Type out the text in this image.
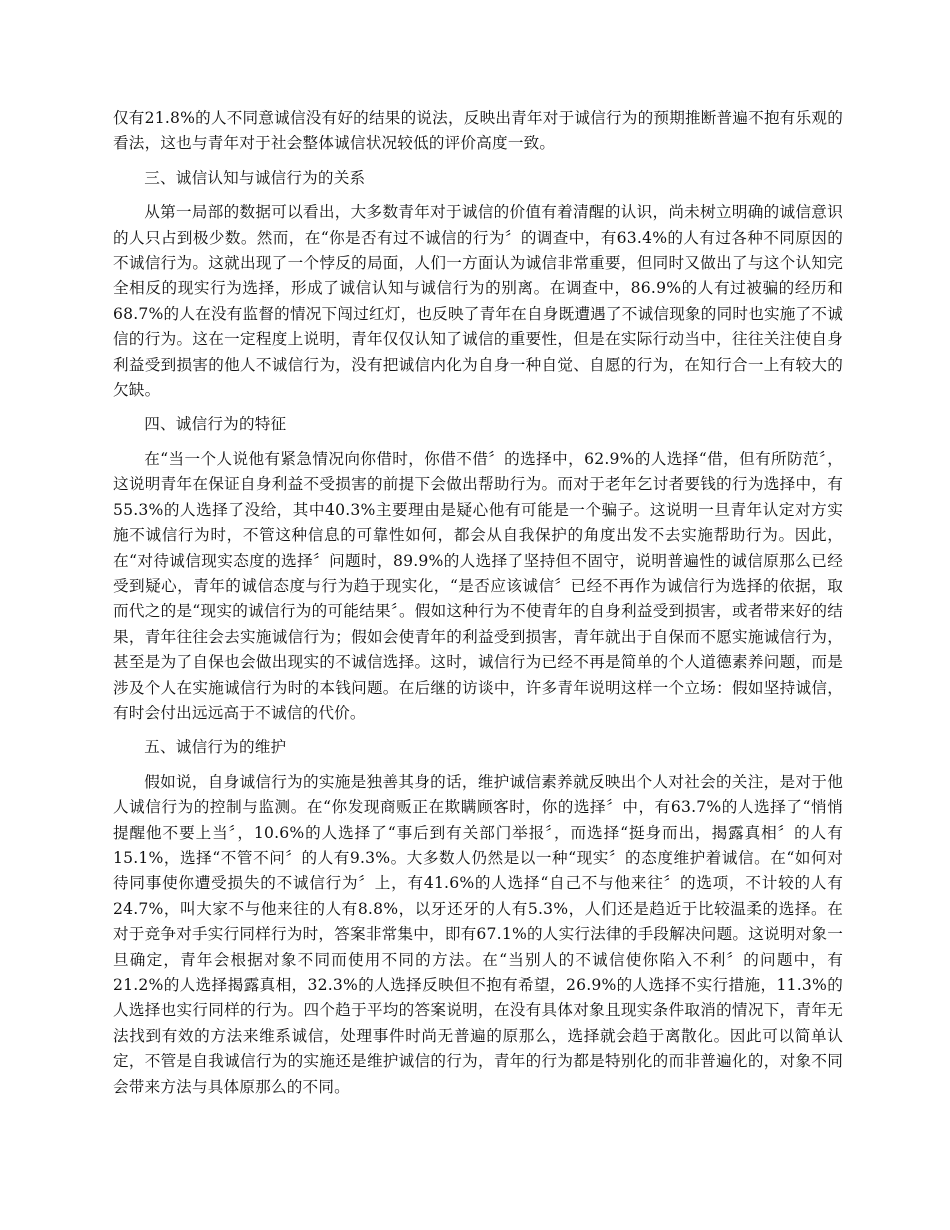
仅有21.8%的人不同意诚信没有好的结果的说法，反映出青年对于诚信行为的预期推断普遍不抱有乐观的看法，这也与青年对于社会整体诚信状况较低的评价高度一致。

三、诚信认知与诚信行为的关系

从第一局部的数据可以看出，大多数青年对于诚信的价值有着清醒的认识，尚未树立明确的诚信意识的人只占到极少数。然而，在“你是否有过不诚信的行为〞的调查中，有63.4%的人有过各种不同原因的不诚信行为。这就出现了一个悖反的局面，人们一方面认为诚信非常重要，但同时又做出了与这个认知完全相反的现实行为选择，形成了诚信认知与诚信行为的别离。在调查中，86.9%的人有过被骗的经历和68.7%的人在没有监督的情况下闯过红灯，也反映了青年在自身既遭遇了不诚信现象的同时也实施了不诚信的行为。这在一定程度上说明，青年仅仅认知了诚信的重要性，但是在实际行动当中，往往关注使自身利益受到损害的他人不诚信行为，没有把诚信内化为自身一种自觉、自愿的行为，在知行合一上有较大的欠缺。

四、诚信行为的特征

在“当一个人说他有紧急情况向你借时，你借不借〞的选择中，62.9%的人选择“借，但有所防范〞，这说明青年在保证自身利益不受损害的前提下会做出帮助行为。而对于老年乞讨者要钱的行为选择中，有55.3%的人选择了没给，其中40.3%主要理由是疑心他有可能是一个骗子。这说明一旦青年认定对方实施不诚信行为时，不管这种信息的可靠性如何，都会从自我保护的角度出发不去实施帮助行为。因此，在“对待诚信现实态度的选择〞问题时，89.9%的人选择了坚持但不固守，说明普遍性的诚信原那么已经受到疑心，青年的诚信态度与行为趋于现实化，“是否应该诚信〞已经不再作为诚信行为选择的依据，取而代之的是“现实的诚信行为的可能结果〞。假如这种行为不使青年的自身利益受到损害，或者带来好的结果，青年往往会去实施诚信行为；假如会使青年的利益受到损害，青年就出于自保而不愿实施诚信行为，甚至是为了自保也会做出现实的不诚信选择。这时，诚信行为已经不再是简单的个人道德素养问题，而是涉及个人在实施诚信行为时的本钱问题。在后继的访谈中，许多青年说明这样一个立场：假如坚持诚信，有时会付出远远高于不诚信的代价。

五、诚信行为的维护

假如说，自身诚信行为的实施是独善其身的话，维护诚信素养就反映出个人对社会的关注，是对于他人诚信行为的控制与监测。在“你发现商贩正在欺瞒顾客时，你的选择〞中，有63.7%的人选择了“悄悄提醒他不要上当〞，10.6%的人选择了“事后到有关部门举报〞，而选择“挺身而出，揭露真相〞的人有15.1%，选择“不管不问〞的人有9.3%。大多数人仍然是以一种“现实〞的态度维护着诚信。在“如何对待同事使你遭受损失的不诚信行为〞上，有41.6%的人选择“自己不与他来往〞的选项，不计较的人有24.7%，叫大家不与他来往的人有8.8%，以牙还牙的人有5.3%，人们还是趋近于比较温柔的选择。在对于竞争对手实行同样行为时，答案非常集中，即有67.1%的人实行法律的手段解决问题。这说明对象一旦确定，青年会根据对象不同而使用不同的方法。在“当别人的不诚信使你陷入不利〞的问题中，有21.2%的人选择揭露真相，32.3%的人选择反映但不抱有希望，26.9%的人选择不实行措施，11.3%的人选择也实行同样的行为。四个趋于平均的答案说明，在没有具体对象且现实条件取消的情况下，青年无法找到有效的方法来维系诚信，处理事件时尚无普遍的原那么，选择就会趋于离散化。因此可以简单认定，不管是自我诚信行为的实施还是维护诚信的行为，青年的行为都是特别化的而非普遍化的，对象不同会带来方法与具体原那么的不同。
